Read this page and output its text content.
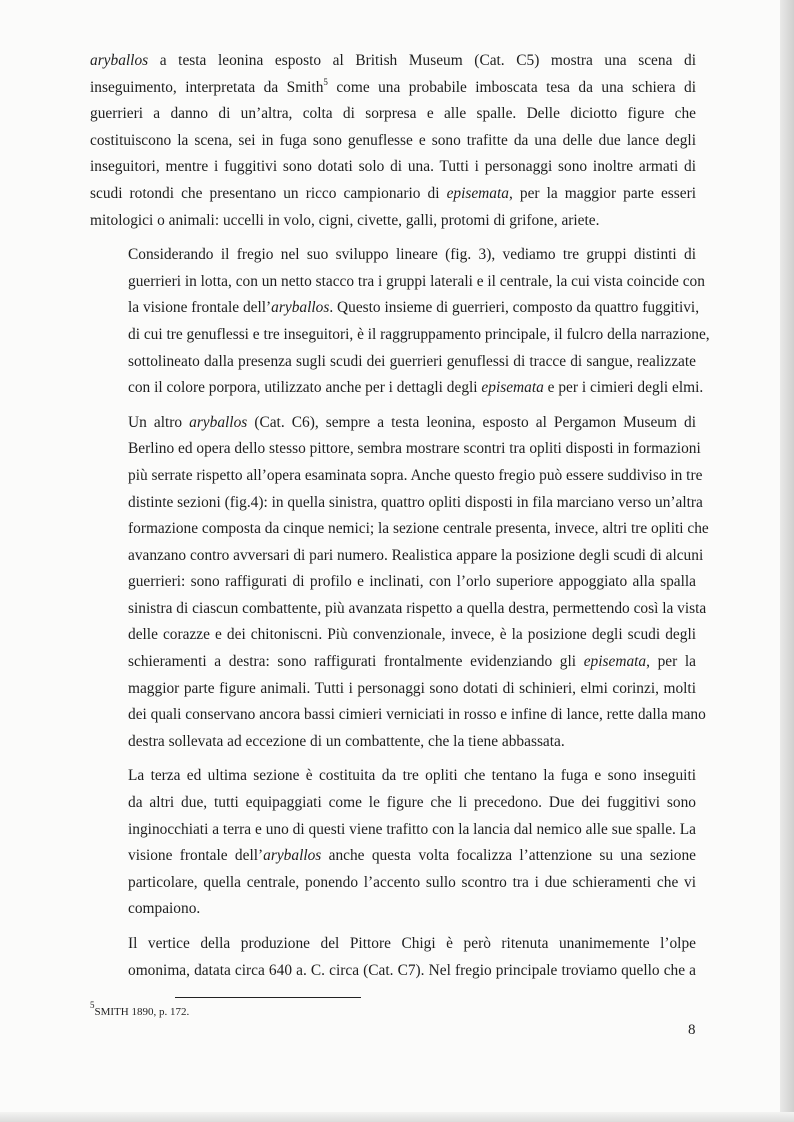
aryballos a testa leonina esposto al British Museum (Cat. C5) mostra una scena di
inseguimento, interpretata da Smith$^5$ come una probabile imboscata tesa da una schiera di
guerrieri a danno di un’altra, colta di sorpresa e alle spalle. Delle diciotto figure che
costituiscono la scena, sei in fuga sono genuflesse e sono trafitte da una delle due lance degli
inseguitori, mentre i fuggitivi sono dotati solo di una. Tutti i personaggi sono inoltre armati di
scudi rotondi che presentano un ricco campionario di episemata, per la maggior parte esseri
mitologici o animali: uccelli in volo, cigni, civette, galli, protomi di grifone, ariete.

Considerando il fregio nel suo sviluppo lineare (fig. 3), vediamo tre gruppi distinti di
guerrieri in lotta, con un netto stacco tra i gruppi laterali e il centrale, la cui vista coincide con
la visione frontale dell’aryballos. Questo insieme di guerrieri, composto da quattro fuggitivi,
di cui tre genuflessi e tre inseguitori, è il raggruppamento principale, il fulcro della narrazione,
sottolineato dalla presenza sugli scudi dei guerrieri genuflessi di tracce di sangue, realizzate
con il colore porpora, utilizzato anche per i dettagli degli episemata e per i cimieri degli elmi.

Un altro aryballos (Cat. C6), sempre a testa leonina, esposto al Pergamon Museum di
Berlino ed opera dello stesso pittore, sembra mostrare scontri tra opliti disposti in formazioni
più serrate rispetto all’opera esaminata sopra. Anche questo fregio può essere suddiviso in tre
distinte sezioni (fig.4): in quella sinistra, quattro opliti disposti in fila marciano verso un’altra
formazione composta da cinque nemici; la sezione centrale presenta, invece, altri tre opliti che
avanzano contro avversari di pari numero. Realistica appare la posizione degli scudi di alcuni
guerrieri: sono raffigurati di profilo e inclinati, con l’orlo superiore appoggiato alla spalla
sinistra di ciascun combattente, più avanzata rispetto a quella destra, permettendo così la vista
delle corazze e dei chitoniscni. Più convenzionale, invece, è la posizione degli scudi degli
schieramenti a destra: sono raffigurati frontalmente evidenziando gli episemata, per la
maggior parte figure animali. Tutti i personaggi sono dotati di schinieri, elmi corinzi, molti
dei quali conservano ancora bassi cimieri verniciati in rosso e infine di lance, rette dalla mano
destra sollevata ad eccezione di un combattente, che la tiene abbassata.

La terza ed ultima sezione è costituita da tre opliti che tentano la fuga e sono inseguiti
da altri due, tutti equipaggiati come le figure che li precedono. Due dei fuggitivi sono
inginocchiati a terra e uno di questi viene trafitto con la lancia dal nemico alle sue spalle. La
visione frontale dell’aryballos anche questa volta focalizza l’attenzione su una sezione
particolare, quella centrale, ponendo l’accento sullo scontro tra i due schieramenti che vi
compaiono.

Il vertice della produzione del Pittore Chigi è però ritenuta unanimemente l’olpe
omonima, datata circa 640 a. C. circa (Cat. C7). Nel fregio principale troviamo quello che a

$^5$SMITH 1890, p. 172.
8
